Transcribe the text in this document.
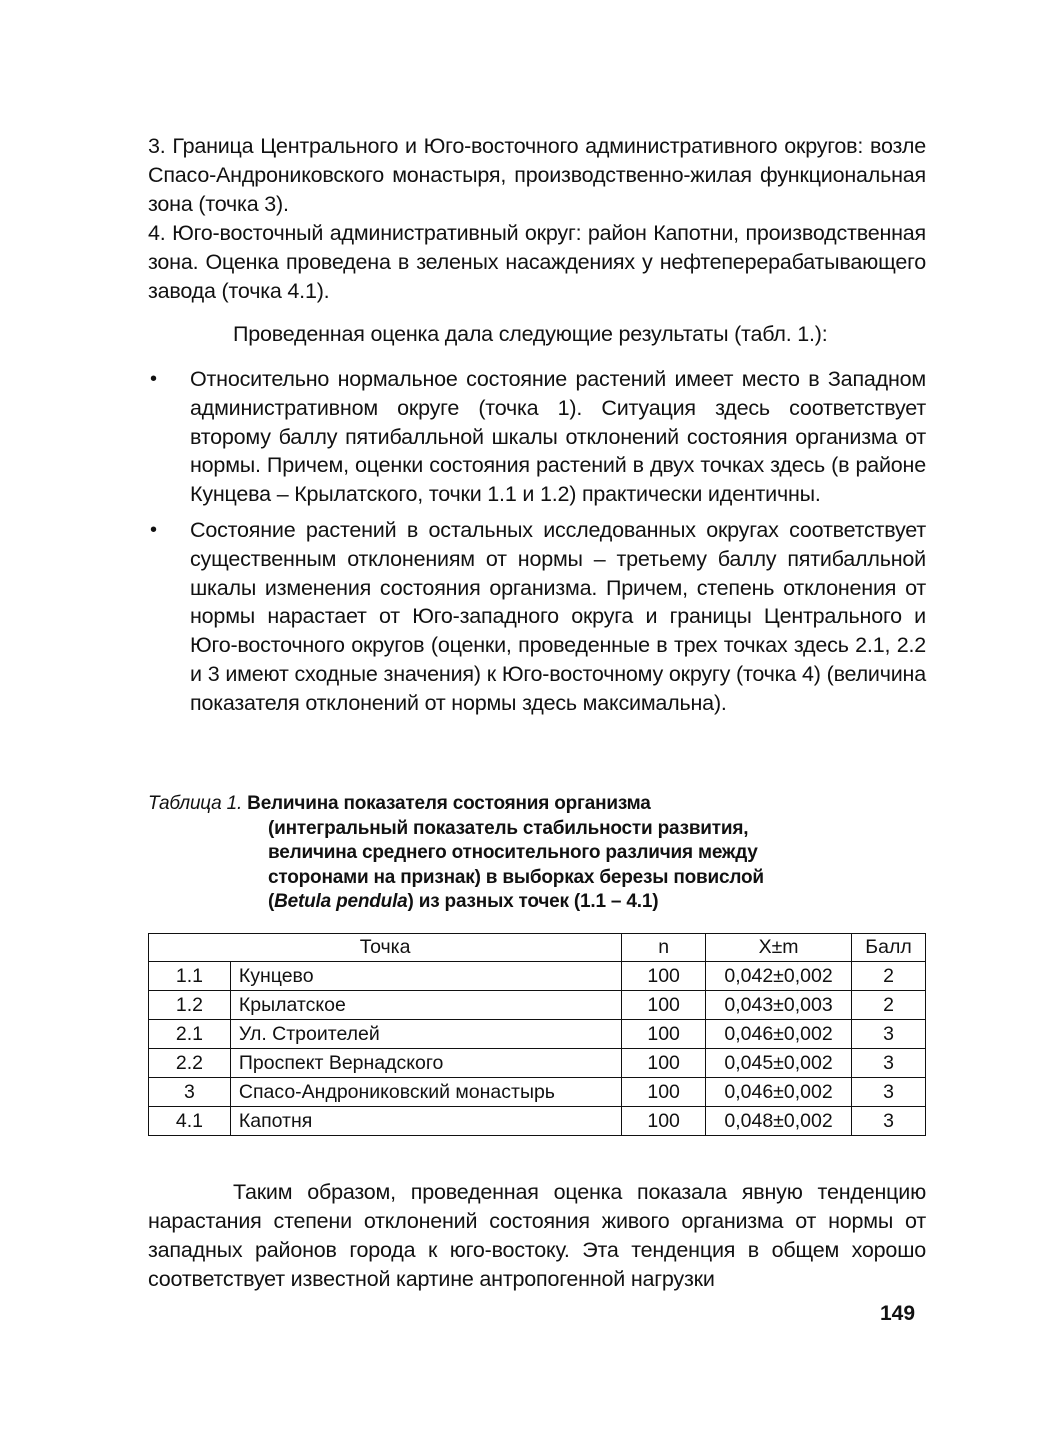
3. Граница Центрального и Юго-восточного административного округов: возле Спасо-Андрониковского монастыря, производственно-жилая функциональная зона (точка 3).

4. Юго-восточный административный округ: район Капотни, производственная зона. Оценка проведена в зеленых насаждениях у нефтеперерабатывающего завода (точка 4.1).

Проведенная оценка дала следующие результаты (табл. 1.):

• Относительно нормальное состояние растений имеет место в Западном административном округе (точка 1). Ситуация здесь соответствует второму баллу пятибалльной шкалы отклонений состояния организма от нормы. Причем, оценки состояния растений в двух точках здесь (в районе Кунцева – Крылатского, точки 1.1 и 1.2) практически идентичны.
• Состояние растений в остальных исследованных округах соответствует существенным отклонениям от нормы – третьему баллу пятибалльной шкалы изменения состояния организма. Причем, степень отклонения от нормы нарастает от Юго-западного округа и границы Центрального и Юго-восточного округов (оценки, проведенные в трех точках здесь 2.1, 2.2 и 3 имеют сходные значения) к Юго-восточному округу (точка 4) (величина показателя отклонений от нормы здесь максимальна).
Таблица 1. Величина показателя состояния организма
(интегральный показатель стабильности развития,
величина среднего относительного различия между
сторонами на признак) в выборках березы повислой
(Betula pendula) из разных точек (1.1 – 4.1)
Точка		n	X±m	Балл
1.1	Кунцево	100	0,042±0,002	2
1.2	Крылатское	100	0,043±0,003	2
2.1	Ул. Строителей	100	0,046±0,002	3
2.2	Проспект Вернадского	100	0,045±0,002	3
3	Спасо-Андрониковский монастырь	100	0,046±0,002	3
4.1	Капотня	100	0,048±0,002	3

Таким образом, проведенная оценка показала явную тенденцию нарастания степени отклонений состояния живого организма от нормы от западных районов города к юго-востоку. Эта тенденция в общем хорошо соответствует известной картине антропогенной нагрузки

149
